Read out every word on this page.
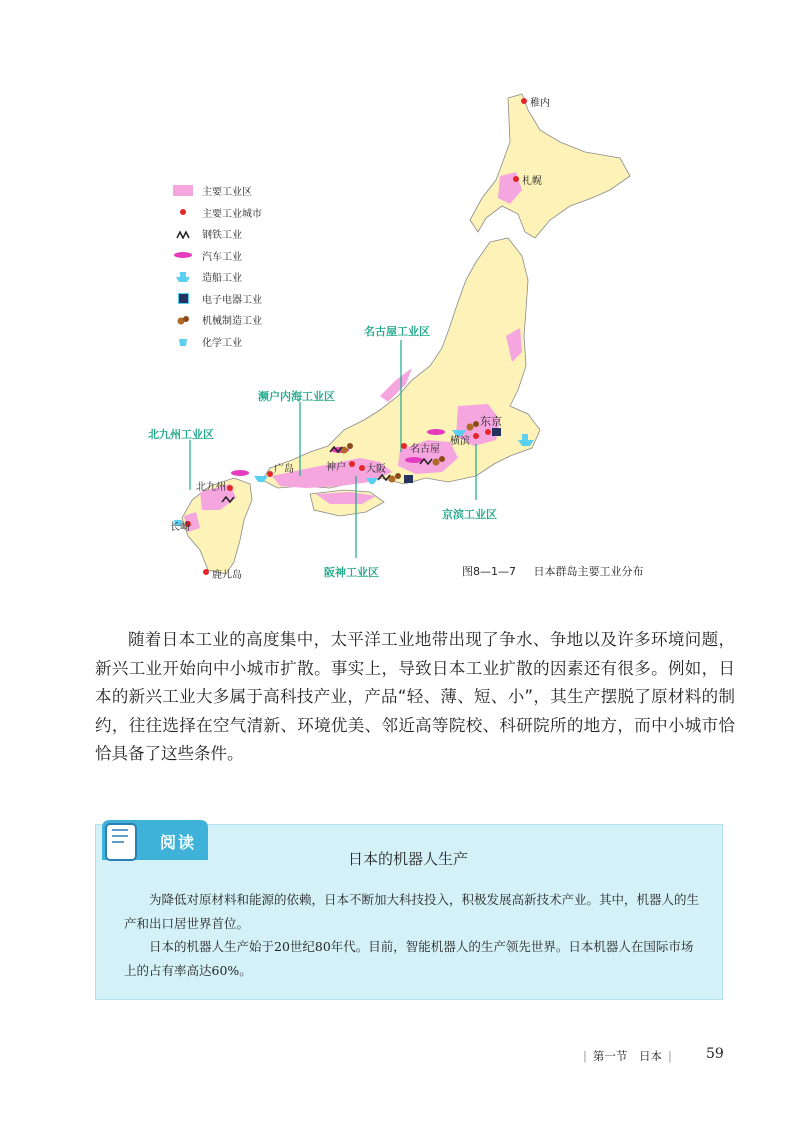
稚内
札幌
东京
横滨
名古屋
大阪
神户
广岛
北九州
长崎
鹿儿岛
名古屋工业区
濒户内海工业区
北九州工业区
京滨工业区
阪神工业区
主要工业区
主要工业城市
钢铁工业
汽车工业
造船工业
电子电器工业
机械制造工业
化学工业
图8—1—7 日本群岛主要工业分布

随着日本工业的高度集中，太平洋工业地带出现了争水、争地以及许多环境问题，新兴工业开始向中小城市扩散。事实上，导致日本工业扩散的因素还有很多。例如，日本的新兴工业大多属于高科技产业，产品“轻、薄、短、小”，其生产摆脱了原材料的制约，往往选择在空气清新、环境优美、邻近高等院校、科研院所的地方，而中小城市恰恰具备了这些条件。

阅读
日本的机器人生产

为降低对原材料和能源的依赖，日本不断加大科技投入，积极发展高新技术产业。其中，机器人的生产和出口居世界首位。

日本的机器人生产始于20世纪80年代。目前，智能机器人的生产领先世界。日本机器人在国际市场上的占有率高达60%。

| 第一节 日本 |	59
